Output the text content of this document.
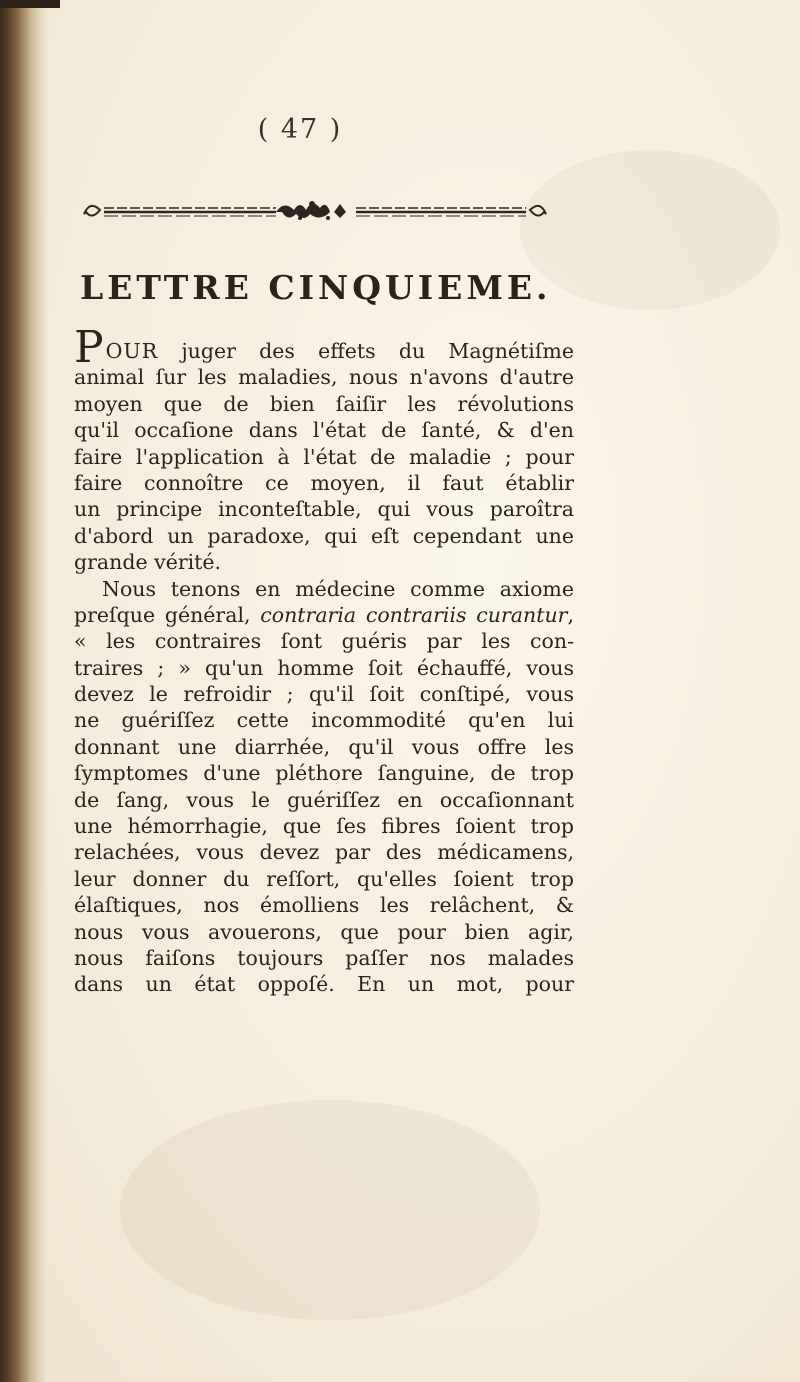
( 47 )
LETTRE CINQUIEME.
POUR juger des effets du Magnétiſme
animal ſur les maladies, nous n'avons d'autre
moyen que de bien ſaiſir les révolutions
qu'il occaſione dans l'état de ſanté, & d'en
faire l'application à l'état de maladie ; pour
faire connoître ce moyen, il faut établir
un principe inconteſtable, qui vous paroîtra
d'abord un paradoxe, qui eſt cependant une
grande vérité.
Nous tenons en médecine comme axiome
preſque général, contraria contrariis curantur,
« les contraires ſont guéris par les con-
traires ; » qu'un homme ſoit échauffé, vous
devez le refroidir ; qu'il ſoit conſtipé, vous
ne guériſſez cette incommodité qu'en lui
donnant une diarrhée, qu'il vous offre les
ſymptomes d'une pléthore ſanguine, de trop
de ſang, vous le guériſſez en occaſionnant
une hémorrhagie, que ſes fibres ſoient trop
relachées, vous devez par des médicamens,
leur donner du reſſort, qu'elles ſoient trop
élaſtiques, nos émolliens les relâchent, &
nous vous avouerons, que pour bien agir,
nous faiſons toujours paſſer nos malades
dans un état oppoſé. En un mot, pour
